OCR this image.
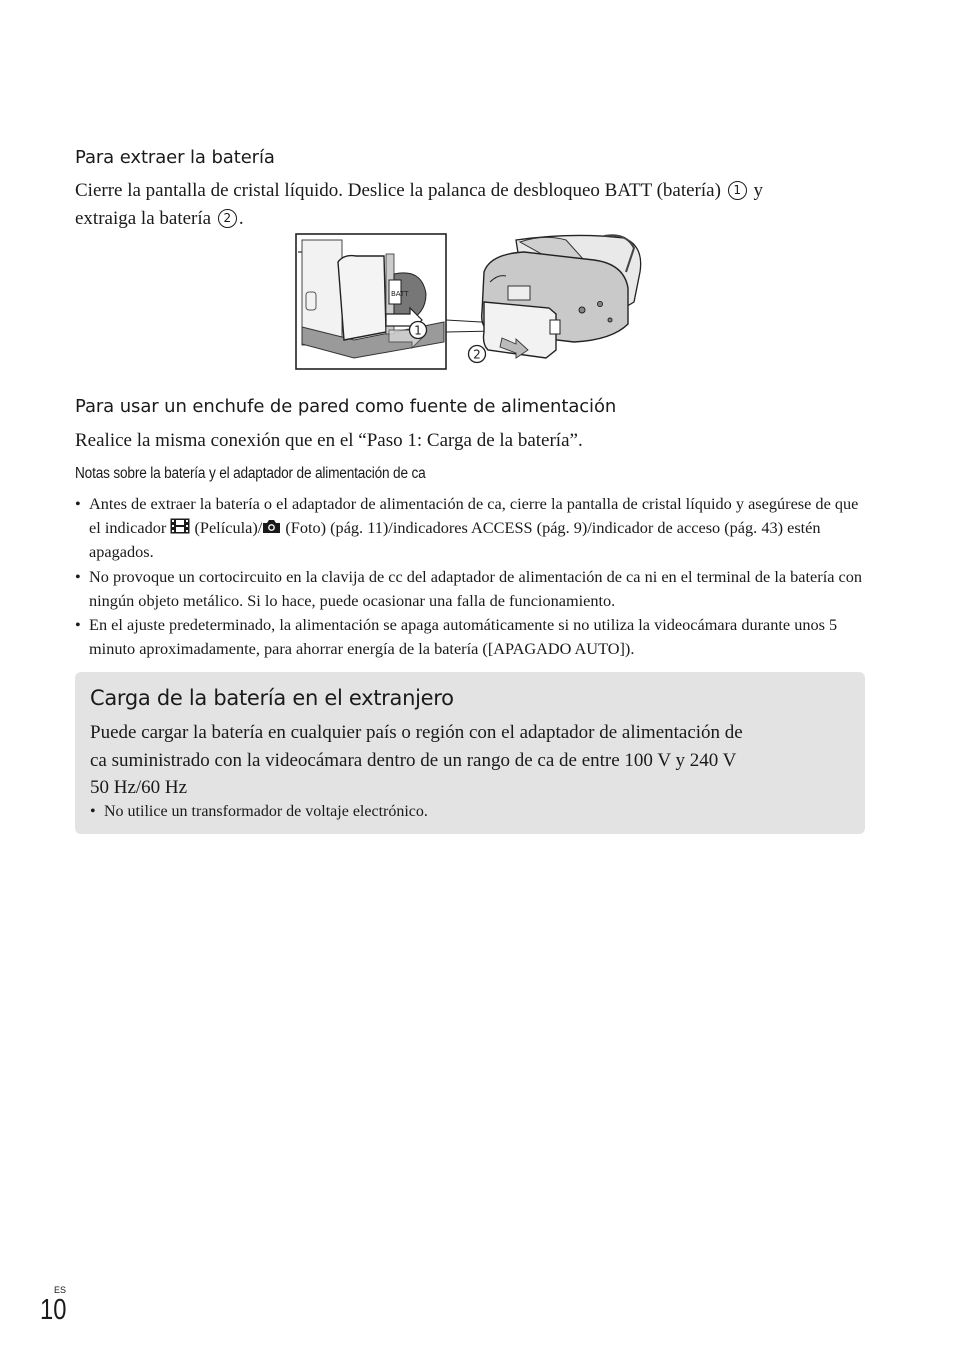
Para extraer la batería
Cierre la pantalla de cristal líquido. Deslice la palanca de desbloqueo BATT (batería) 1 y
extraiga la batería 2 .
BATT
1
2
Para usar un enchufe de pared como fuente de alimentación
Realice la misma conexión que en el “Paso 1: Carga de la batería”.
Notas sobre la batería y el adaptador de alimentación de ca
• Antes de extraer la batería o el adaptador de alimentación de ca, cierre la pantalla de cristal líquido y asegúrese de que el indicador (Película)/ (Foto) (pág. 11)/indicadores ACCESS (pág. 9)/indicador de acceso (pág. 43) estén apagados.
• No provoque un cortocircuito en la clavija de cc del adaptador de alimentación de ca ni en el terminal de la batería con ningún objeto metálico. Si lo hace, puede ocasionar una falla de funcionamiento.
• En el ajuste predeterminado, la alimentación se apaga automáticamente si no utiliza la videocámara durante unos 5 minuto aproximadamente, para ahorrar energía de la batería ([APAGADO AUTO]).
Carga de la batería en el extranjero
Puede cargar la batería en cualquier país o región con el adaptador de alimentación de
ca suministrado con la videocámara dentro de un rango de ca de entre 100 V y 240 V
50 Hz/60 Hz
• No utilice un transformador de voltaje electrónico.
ES
10
